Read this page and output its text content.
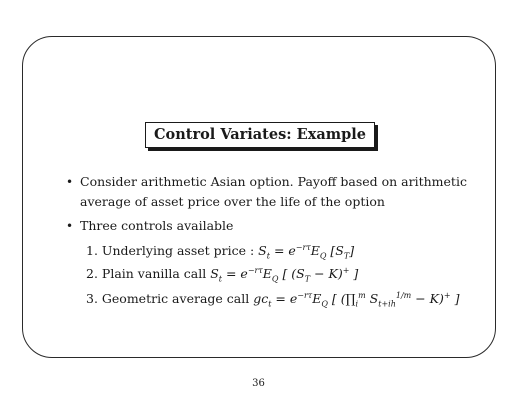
Control Variates: Example
• Consider arithmetic Asian option. Payoff based on arithmetic
average of asset price over the life of the option
• Three controls available
1. Underlying asset price : $S_t = e^{-r\tau}E_Q$ $[S_T]$
2. Plain vanilla call $S_t = e^{-r\tau}E_Q$ [ $(S_T - K)^+$ ]
3. Geometric average call $gc_t = e^{-r\tau}E_Q$ [ ($\prod_i^m$ $S_{t+ih}^{1/m} - K)^+$ ]
36
